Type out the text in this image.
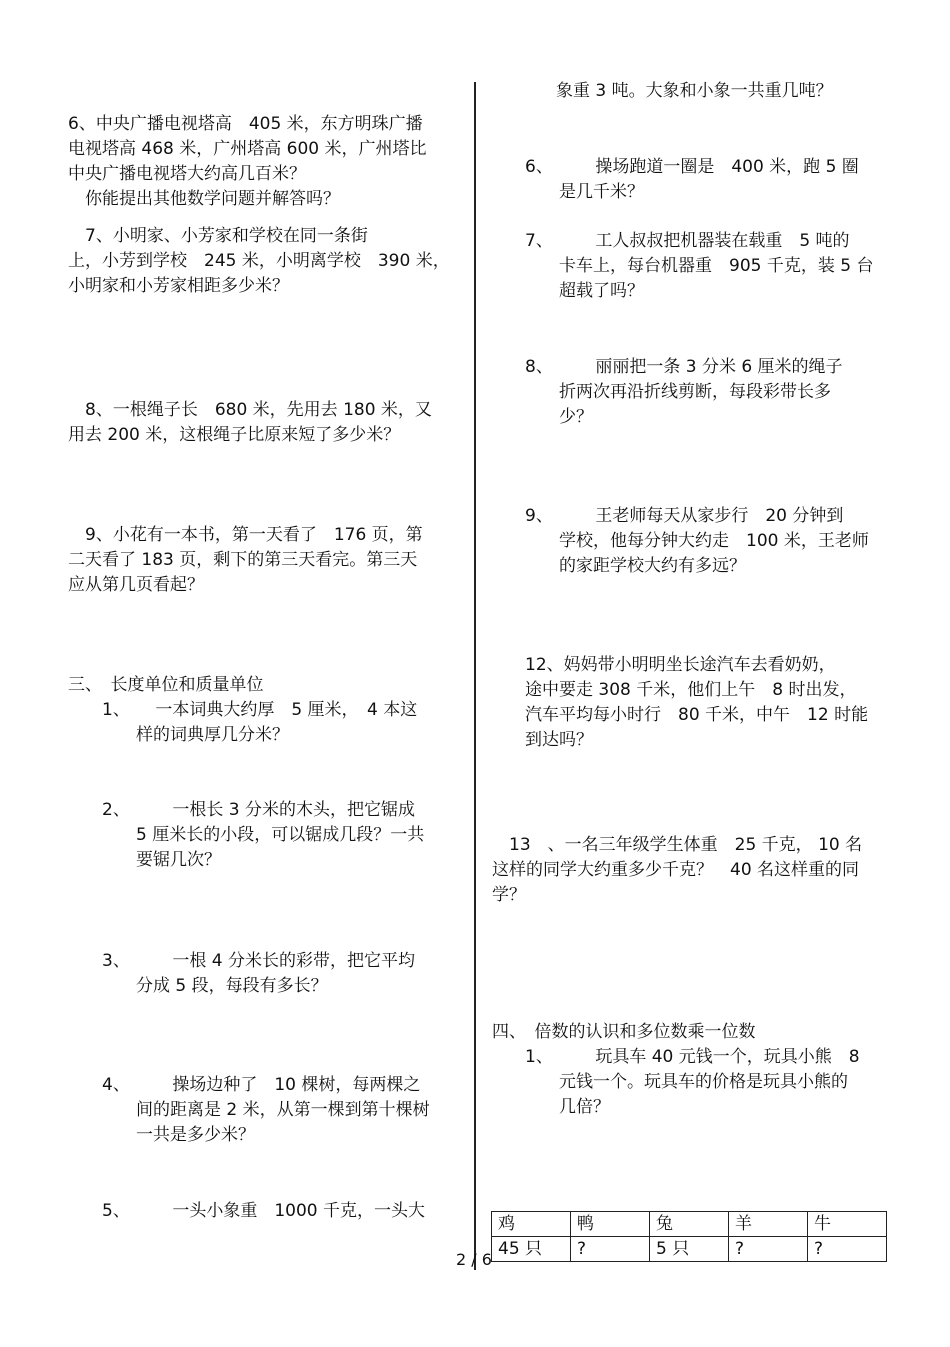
6、中央广播电视塔高　405 米，东方明珠广播
电视塔高 468 米，广州塔高 600 米，广州塔比
中央广播电视塔大约高几百米？
　你能提出其他数学问题并解答吗？
　7、小明家、小芳家和学校在同一条街
上，小芳到学校　245 米，小明离学校　390 米，
小明家和小芳家相距多少米？
　8、一根绳子长　680 米，先用去 180 米，又
用去 200 米，这根绳子比原来短了多少米？
　9、小花有一本书，第一天看了　176 页，第
二天看了 183 页，剩下的第三天看完。第三天
应从第几页看起？
三、　长度单位和质量单位
1、　　一本词典大约厚　5 厘米，　4 本这
　　样的词典厚几分米？
2、　　　一根长 3 分米的木头，把它锯成
　　5 厘米长的小段，可以锯成几段？一共
　　要锯几次？
3、　　　一根 4 分米长的彩带，把它平均
　　分成 5 段，每段有多长？
4、　　　操场边种了　10 棵树，每两棵之
　　间的距离是 2 米，从第一棵到第十棵树
　　一共是多少米？
5、　　　一头小象重　1000 千克，一头大
象重 3 吨。大象和小象一共重几吨？
6、　　　操场跑道一圈是　400 米，跑 5 圈
　　是几千米？
7、　　　工人叔叔把机器装在载重　5 吨的
　　卡车上，每台机器重　905 千克，装 5 台
　　超载了吗？
8、　　　丽丽把一条 3 分米 6 厘米的绳子
　　折两次再沿折线剪断，每段彩带长多
　　少？
9、　　　王老师每天从家步行　20 分钟到
　　学校，他每分钟大约走　100 米，王老师
　　的家距学校大约有多远？
12、妈妈带小明明坐长途汽车去看奶奶，
途中要走 308 千米，他们上午　8 时出发，
汽车平均每小时行　80 千米，中午　12 时能
到达吗？
　13　、一名三年级学生体重　25 千克， 10 名
这样的同学大约重多少千克？　40 名这样重的同
学？
四、　倍数的认识和多位数乘一位数
1、　　　玩具车 40 元钱一个，玩具小熊　8
　　元钱一个。玩具车的价格是玩具小熊的
　　几倍？
鸡	鸭	兔	羊	牛
45 只	?	5 只	?	?
2 / 6
